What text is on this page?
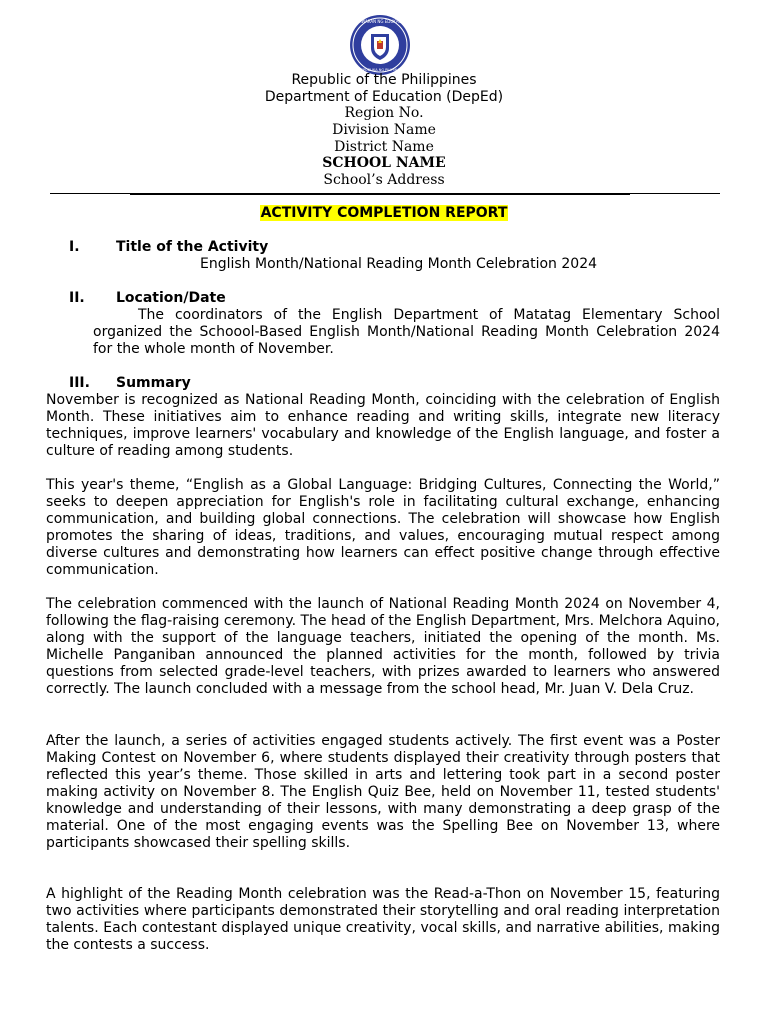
KAGAWARAN NG EDUKASYON
REPUBLIKA NG PILIPINAS
Republic of the Philippines
Department of Education (DepEd)
Region No.
Division Name
District Name
SCHOOL NAME
School’s Address
ACTIVITY COMPLETION REPORT
I.	Title of the Activity
English Month/National Reading Month Celebration 2024
II. Location/Date

The coordinators of the English Department of Matatag Elementary School organized the Schoool-Based English Month/National Reading Month Celebration 2024 for the whole month of November.

III. Summary

November is recognized as National Reading Month, coinciding with the celebration of English Month. These initiatives aim to enhance reading and writing skills, integrate new literacy techniques, improve learners' vocabulary and knowledge of the English language, and foster a culture of reading among students.

This year's theme, “English as a Global Language: Bridging Cultures, Connecting the World,” seeks to deepen appreciation for English's role in facilitating cultural exchange, enhancing communication, and building global connections. The celebration will showcase how English promotes the sharing of ideas, traditions, and values, encouraging mutual respect among diverse cultures and demonstrating how learners can effect positive change through effective communication.

The celebration commenced with the launch of National Reading Month 2024 on November 4, following the flag-raising ceremony. The head of the English Department, Mrs. Melchora Aquino, along with the support of the language teachers, initiated the opening of the month. Ms. Michelle Panganiban announced the planned activities for the month, followed by trivia questions from selected grade-level teachers, with prizes awarded to learners who answered correctly. The launch concluded with a message from the school head, Mr. Juan V. Dela Cruz.

After the launch, a series of activities engaged students actively. The first event was a Poster Making Contest on November 6, where students displayed their creativity through posters that reflected this year’s theme. Those skilled in arts and lettering took part in a second poster making activity on November 8. The English Quiz Bee, held on November 11, tested students' knowledge and understanding of their lessons, with many demonstrating a deep grasp of the material. One of the most engaging events was the Spelling Bee on November 13, where participants showcased their spelling skills.

A highlight of the Reading Month celebration was the Read-a-Thon on November 15, featuring two activities where participants demonstrated their storytelling and oral reading interpretation talents. Each contestant displayed unique creativity, vocal skills, and narrative abilities, making the contests a success.
